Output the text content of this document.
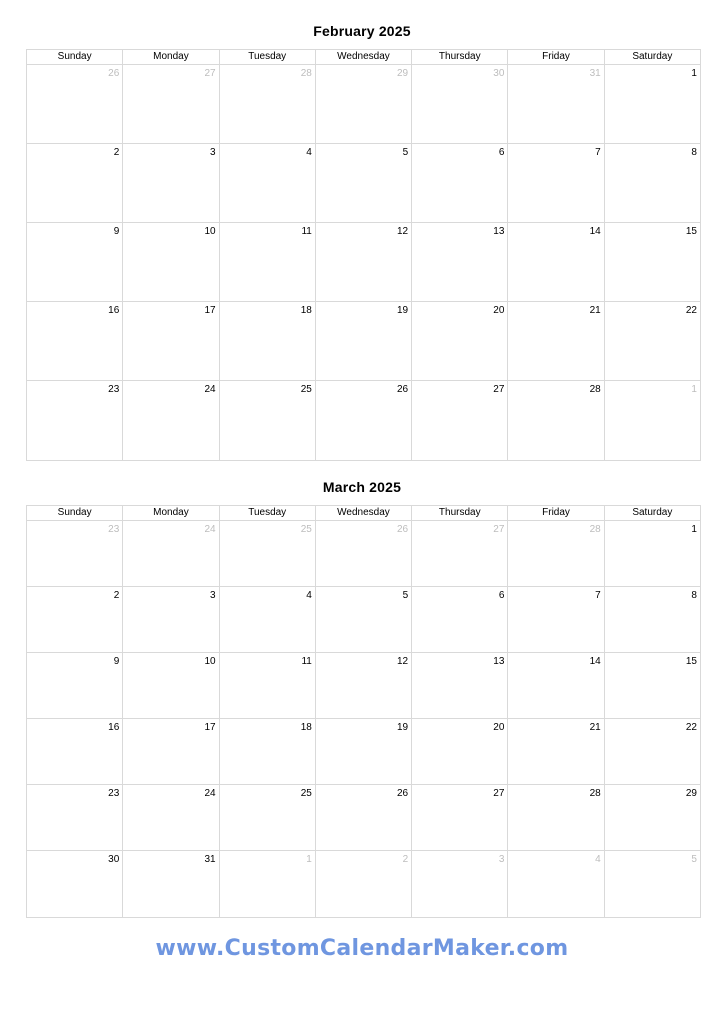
February 2025
Sunday	Monday	Tuesday	Wednesday	Thursday	Friday	Saturday
26	27	28	29	30	31	1
2	3	4	5	6	7	8
9	10	11	12	13	14	15
16	17	18	19	20	21	22
23	24	25	26	27	28	1
March 2025
Sunday	Monday	Tuesday	Wednesday	Thursday	Friday	Saturday
23	24	25	26	27	28	1
2	3	4	5	6	7	8
9	10	11	12	13	14	15
16	17	18	19	20	21	22
23	24	25	26	27	28	29
30	31	1	2	3	4	5
www.CustomCalendarMaker.com
